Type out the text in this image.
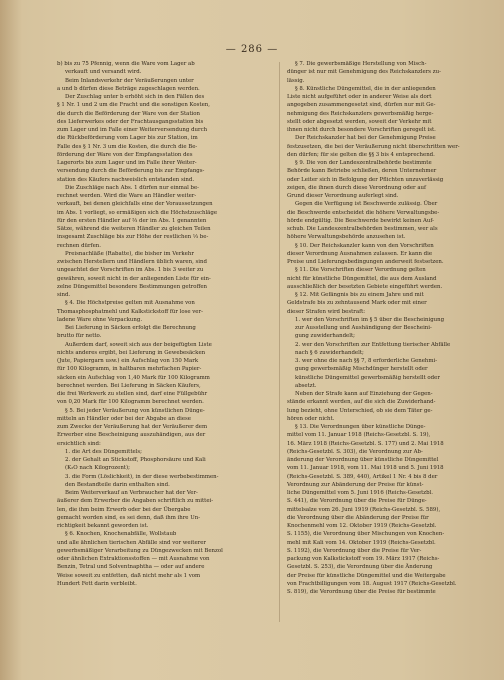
— 286 —
b) bis zu 75 Pfennig, wenn die Ware vom Lager ab
verkauft und versandt wird.
Beim Inlandsverkehr der Veräußerungen unter
a und b dürfen diese Beträge zugeschlagen werden.
Der Zuschlag unter b erhöht sich in den Fällen des
§ 1 Nr. 1 und 2 um die Fracht und die sonstigen Kosten,
die durch die Beförderung der Ware von der Station
des Lieferwerkes oder der Frachtausgangsstation bis
zum Lager und im Falle einer Weiterversendung durch
die Rückbeförderung vom Lager bis zur Station, im
Falle des § 1 Nr. 3 um die Kosten, die durch die Be-
förderung der Ware von der Empfangsstation des
Lagerorts bis zum Lager und im Falle ihrer Weiter-
versendung durch die Beförderung bis zur Empfangs-
station des Käufers nachweislich entstanden sind.
Die Zuschläge nach Abs. 1 dürfen nur einmal be-
rechnet werden. Wird die Ware an Händler weiter-
verkauft, bei denen gleichfalls eine der Voraussetzungen
im Abs. 1 vorliegt, so ermäßigen sich die Höchstzuschläge
für den ersten Händler auf ⅔ der im Abs. 1 genannten
Sätze, während die weiteren Händler zu gleichen Teilen
insgesamt Zuschläge bis zur Höhe der restlichen ⅓ be-
rechnen dürfen.
Preisnachläße (Rabatte), die bisher im Verkehr
zwischen Herstellern und Händlern üblich waren, sind
ungeachtet der Vorschriften im Abs. 1 bis 3 weiter zu
gewähren, soweit nicht in der anliegenden Liste für ein-
zelne Düngemittel besondere Bestimmungen getroffen
sind.
§ 4. Die Höchstpreise gelten mit Ausnahme von
Thomasphosphatmehl und Kalkstickstoff für lose ver-
ladene Ware ohne Verpackung.
Bei Lieferung in Säcken erfolgt die Berechnung
brutto für netto.
Außerdem darf, soweit sich aus der beigefügten Liste
nichts anderes ergibt, bei Lieferung in Gewebesäcken
(Jute, Papiergarn usw.) ein Aufschlag von 150 Mark
für 100 Kilogramm, in haltbaren mehrfachen Papier-
säcken ein Aufschlag von 1,40 Mark für 100 Kilogramm
berechnet werden. Bei Lieferung in Säcken Käufers,
die frei Werkwerk zu stellen sind, darf eine Füllgebühr
von 0,20 Mark für 100 Kilogramm berechnet werden.
§ 5. Bei jeder Veräußerung von künstlichen Dünge-
mitteln an Händler oder bei der Abgabe an diese
zum Zwecke der Veräußerung hat der Veräußerer dem
Erwerber eine Bescheinigung auszuhändigen, aus der
ersichtlich sind:
1. die Art des Düngemittels;
2. der Gehalt an Stickstoff, Phosphorsäure und Kali
(K₂O nach Kilogrozent);
3. die Form (Löslichkeit), in der diese werbebestimmen-
den Bestandteile darin enthalten sind.
Beim Weiterverkauf an Verbraucher hat der Ver-
äußerer dem Erwerber die Angaben schriftlich zu mittei-
len, die ihm beim Erwerb oder bei der Übergabe
gemacht worden sind, es sei denn, daß ihm ihre Un-
richtigkeit bekannt geworden ist.
§ 6. Knochen, Knochenabfälle, Wollstaub
und alle ähnlichen tierischen Abfälle sind vor weiterer
gewerbsmäßiger Verarbeitung zu Düngezwecken mit Benzol
oder ähnlichen Extraktionsstoffen — mit Ausnahme von
Benzin, Tetral und Solventnaphtha — oder auf andere
Weise soweit zu entfetten, daß nicht mehr als 1 vom
Hundert Fett darin verbleibt.
§ 7. Die gewerbsmäßige Herstellung von Misch-
dünger ist nur mit Genehmigung des Reichskanzlers zu-
lässig.
§ 8. Künstliche Düngemittel, die in der anliegenden
Liste nicht aufgeführt oder in anderer Weise als dort
angegeben zusammengesetzt sind, dürfen nur mit Ge-
nehmigung des Reichskanzlers gewerbsmäßig herge-
stellt oder abgesetzt werden, soweit der Verkehr mit
ihnen nicht durch besondere Vorschriften geregelt ist.
Der Reichskanzler hat bei der Genehmigung Preise
festzusetzen, die bei der Veräußerung nicht überschritten wer-
den dürfen; für sie gelten die §§ 3 bis 4 entsprechend.
§ 9. Die von der Landeszentralbehörde bestimmte
Behörde kann Betriebe schließen, deren Unternehmer
oder Leiter sich in Befolgung der Pflichten unzuverlässig
zeigen, die ihnen durch diese Verordnung oder auf
Grund dieser Verordnung auferlegt sind.
Gegen die Verfügung ist Beschwerde zulässig. Über
die Beschwerde entscheidet die höhere Verwaltungsbe-
hörde endgültig. Die Beschwerde bewirkt keinen Auf-
schub. Die Landeszentralbehörden bestimmen, wer als
höhere Verwaltungsbehörde anzusehen ist.
§ 10. Der Reichskanzler kann von den Vorschriften
dieser Verordnung Ausnahmen zulassen. Er kann die
Preise und Lieferungsbedingungen anderweit festsetzen.
§ 11. Die Vorschriften dieser Verordnung gelten
nicht für künstliche Düngemittel, die aus dem Ausland
ausschließlich der besetzten Gebiete eingeführt werden.
§ 12. Mit Gefängnis bis zu einem Jahre und mit
Geldstrafe bis zu zehntausend Mark oder mit einer
dieser Strafen wird bestraft:
1. wer den Vorschriften im § 5 über die Bescheinigung
zur Ausstellung und Aushändigung der Bescheini-
gung zuwiderhandelt;
2. wer den Vorschriften zur Entfettung tierischer Abfälle
nach § 6 zuwiderhandelt;
3. wer ohne die nach §§ 7, 8 erforderliche Genehmi-
gung gewerbsmäßig Mischdünger herstellt oder
künstliche Düngemittel gewerbsmäßig herstellt oder
absetzt.
Neben der Strafe kann auf Einziehung der Gegen-
stände erkannt werden, auf die sich die Zuwiderhand-
lung bezieht, ohne Unterschied, ob sie dem Täter ge-
hören oder nicht.
§ 13. Die Verordnungen über künstliche Dünge-
mittel vom 11. Januar 1918 (Reichs-Gesetzbl. S. 19),
16. März 1918 (Reichs-Gesetzbl. S. 177) und 2. Mai 1918
(Reichs-Gesetzbl. S. 303), die Verordnung zur Ab-
änderung der Verordnung über künstliche Düngemittel
vom 11. Januar 1918, vom 11. Mai 1918 und 5. Juni 1918
(Reichs-Gesetzbl. S. 389, 440), Artikel 1 Nr. 4 bis 8 der
Verordnung zur Abänderung der Preise für künst-
liche Düngemittel vom 5. Juni 1916 (Reichs-Gesetzbl.
S. 441), die Verordnung über die Preise für Dünge-
mittelsalze vom 26. Juni 1919 (Reichs-Gesetzbl. S. 589),
die Verordnung über die Abänderung der Preise für
Knochenmehl vom 12. Oktober 1919 (Reichs-Gesetzbl.
S. 1155), die Verordnung über Mischungen von Knochen-
mehl mit Kali vom 14. Oktober 1919 (Reichs-Gesetzbl.
S. 1192), die Verordnung über die Preise für Ver-
packung von Kalkstickstoff vom 19. März 1917 (Reichs-
Gesetzbl. S. 253), die Verordnung über die Änderung
der Preise für künstliche Düngemittel und die Weitergabe
von Frachtbilligungen vom 18. August 1917 (Reichs-Gesetzbl.
S. 819), die Verordnung über die Preise für bestimmte
